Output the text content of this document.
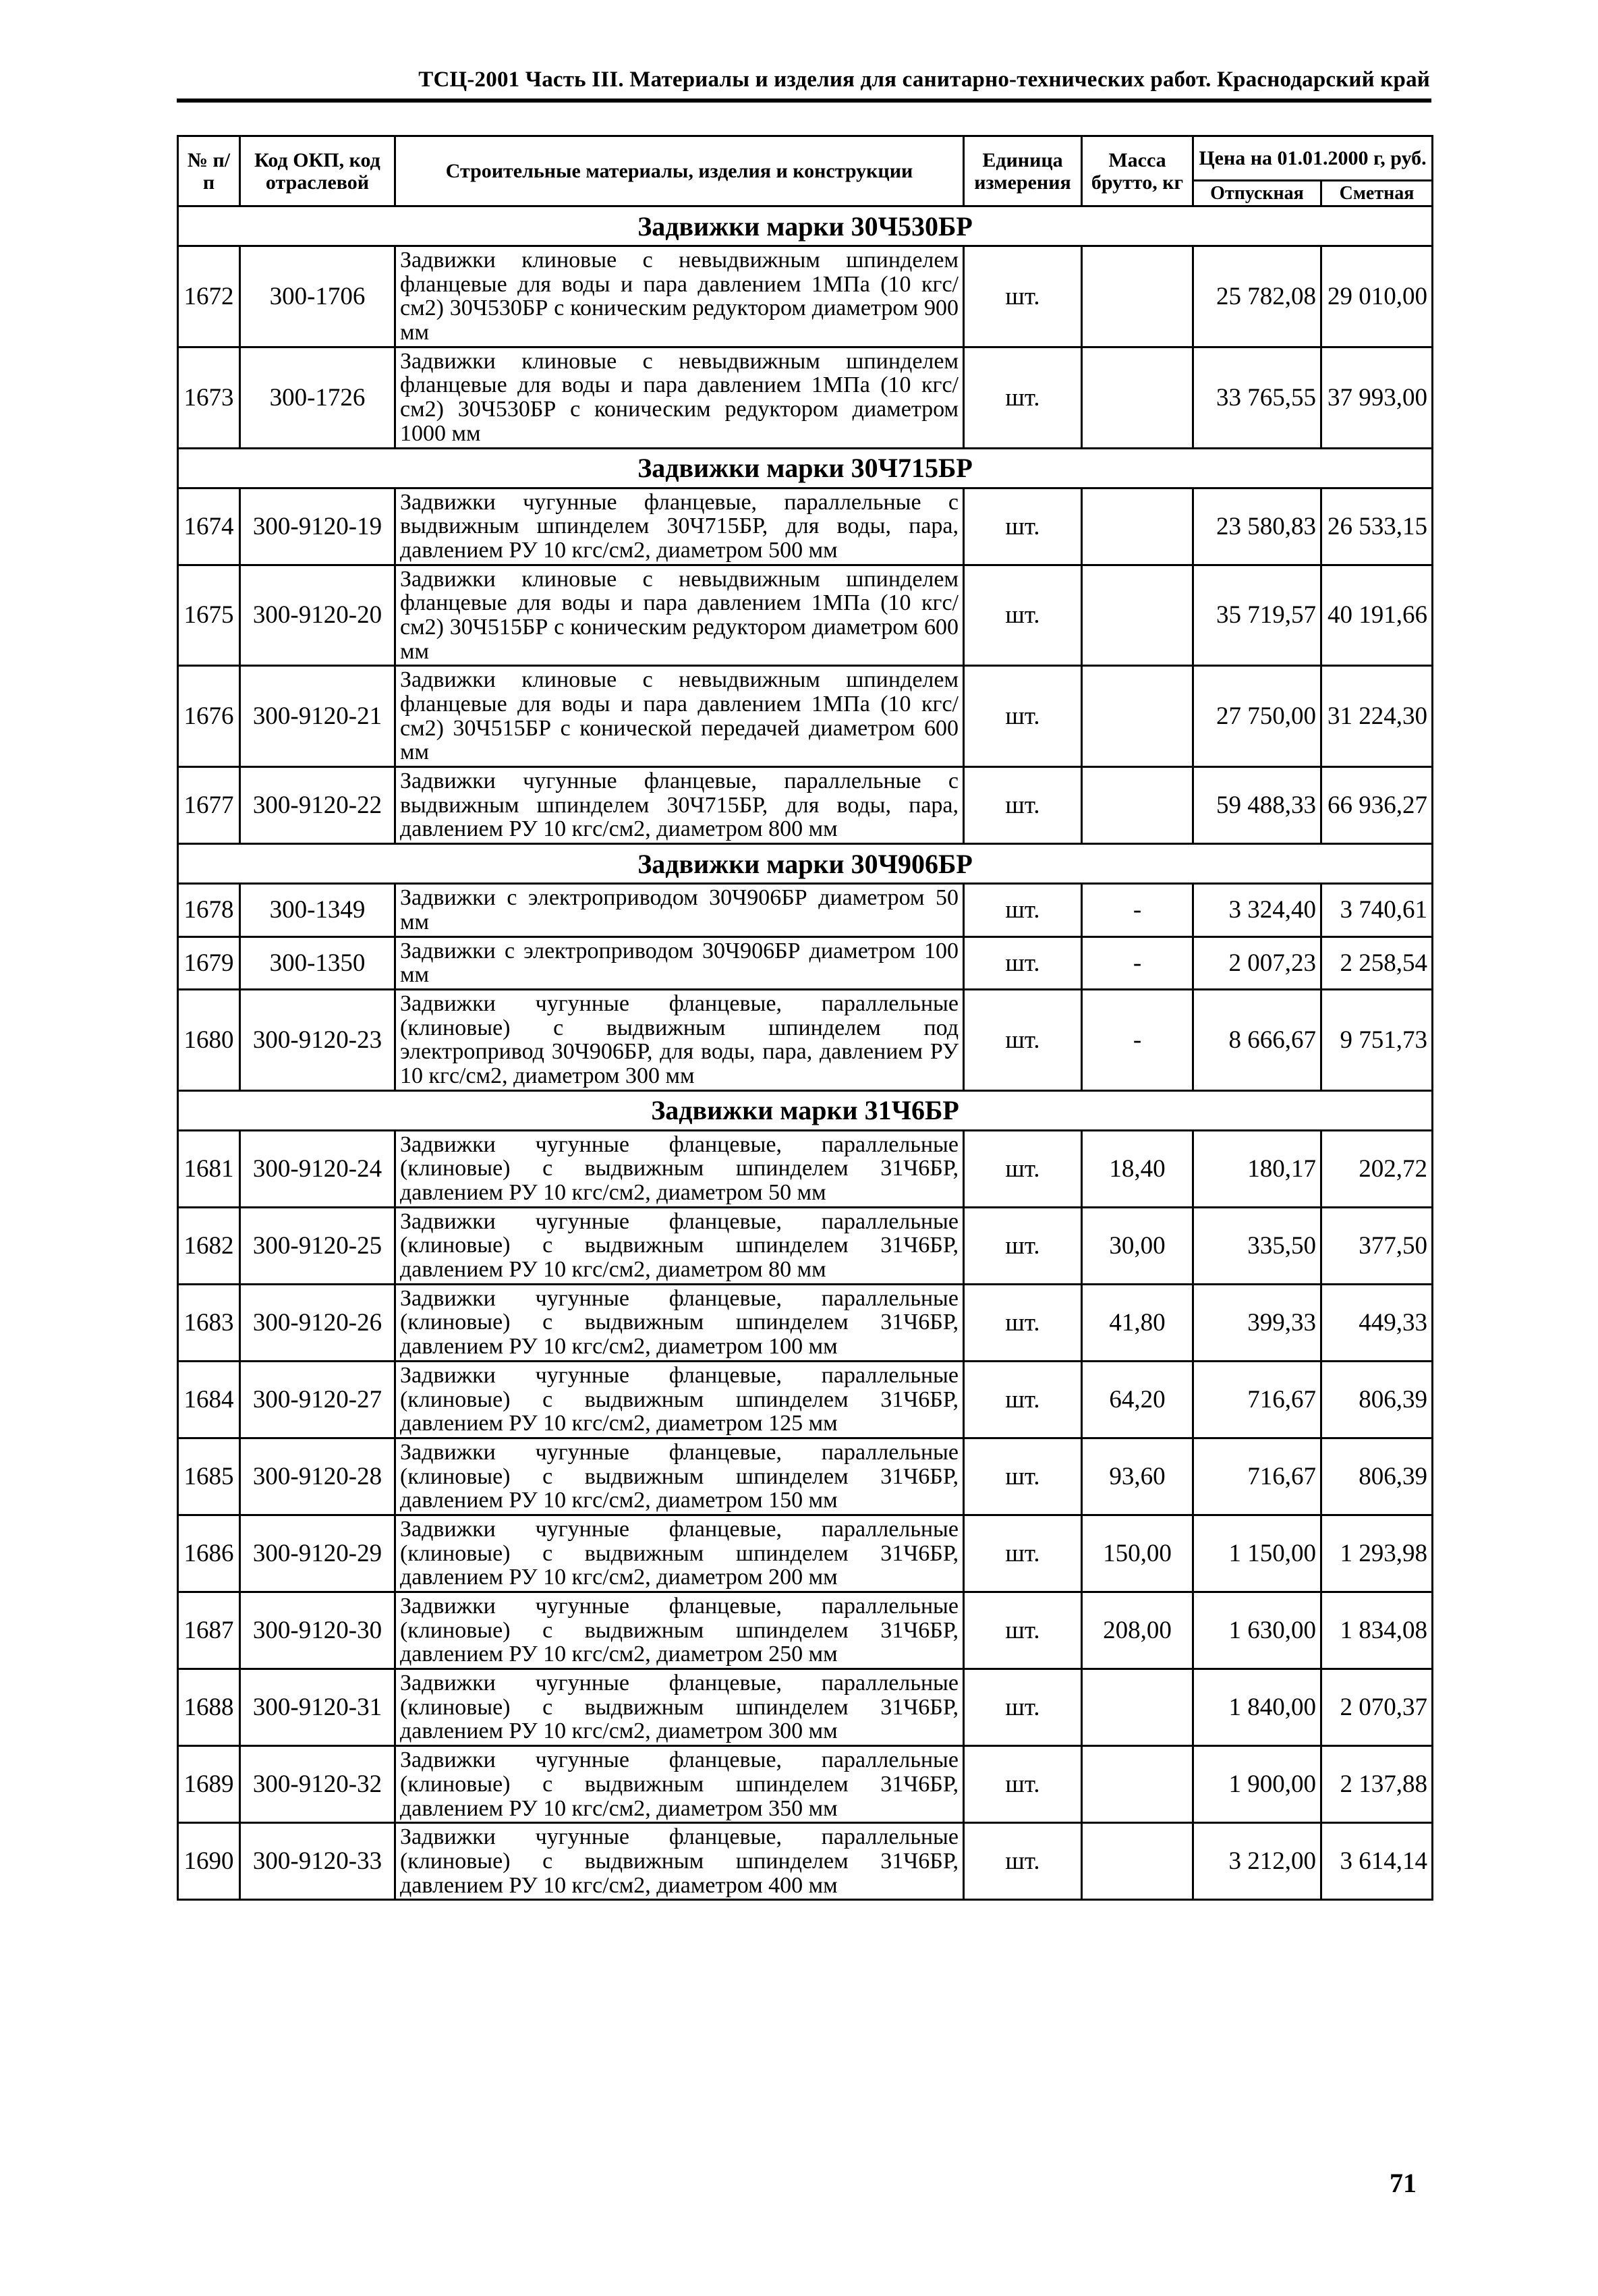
ТСЦ-2001 Часть III. Материалы и изделия для санитарно-технических работ. Краснодарский край
№ п/п	Код ОКП, код отраслевой	Строительные материалы, изделия и конструкции	Единица измерения	Масса брутто, кг	Цена на 01.01.2000 г, руб.	
					Отпускная	Сметная
Задвижки марки 30Ч530БР						
1672	300-1706	Задвижки клиновые с невыдвижным шпинделем фланцевые для воды и пара давлением 1МПа (10 кгс/см2) 30Ч530БР с коническим редуктором диаметром 900 мм	шт.		25 782,08	29 010,00
1673	300-1726	Задвижки клиновые с невыдвижным шпинделем фланцевые для воды и пара давлением 1МПа (10 кгс/см2) 30Ч530БР с коническим редуктором диаметром 1000 мм	шт.		33 765,55	37 993,00
Задвижки марки 30Ч715БР						
1674	300-9120-19	Задвижки чугунные фланцевые, параллельные с выдвижным шпинделем 30Ч715БР, для воды, пара, давлением РУ 10 кгс/см2, диаметром 500 мм	шт.		23 580,83	26 533,15
1675	300-9120-20	Задвижки клиновые с невыдвижным шпинделем фланцевые для воды и пара давлением 1МПа (10 кгс/см2) 30Ч515БР с коническим редуктором диаметром 600 мм	шт.		35 719,57	40 191,66
1676	300-9120-21	Задвижки клиновые с невыдвижным шпинделем фланцевые для воды и пара давлением 1МПа (10 кгс/см2) 30Ч515БР с конической передачей диаметром 600 мм	шт.		27 750,00	31 224,30
1677	300-9120-22	Задвижки чугунные фланцевые, параллельные с выдвижным шпинделем 30Ч715БР, для воды, пара, давлением РУ 10 кгс/см2, диаметром 800 мм	шт.		59 488,33	66 936,27
Задвижки марки 30Ч906БР						
1678	300-1349	Задвижки с электроприводом 30Ч906БР диаметром 50 мм	шт.	-	3 324,40	3 740,61
1679	300-1350	Задвижки с электроприводом 30Ч906БР диаметром 100 мм	шт.	-	2 007,23	2 258,54
1680	300-9120-23	Задвижки чугунные фланцевые, параллельные (клиновые) с выдвижным шпинделем под электропривод 30Ч906БР, для воды, пара, давлением РУ 10 кгс/см2, диаметром 300 мм	шт.	-	8 666,67	9 751,73
Задвижки марки 31Ч6БР						
1681	300-9120-24	Задвижки чугунные фланцевые, параллельные (клиновые) с выдвижным шпинделем 31Ч6БР, давлением РУ 10 кгс/см2, диаметром 50 мм	шт.	18,40	180,17	202,72
1682	300-9120-25	Задвижки чугунные фланцевые, параллельные (клиновые) с выдвижным шпинделем 31Ч6БР, давлением РУ 10 кгс/см2, диаметром 80 мм	шт.	30,00	335,50	377,50
1683	300-9120-26	Задвижки чугунные фланцевые, параллельные (клиновые) с выдвижным шпинделем 31Ч6БР, давлением РУ 10 кгс/см2, диаметром 100 мм	шт.	41,80	399,33	449,33
1684	300-9120-27	Задвижки чугунные фланцевые, параллельные (клиновые) с выдвижным шпинделем 31Ч6БР, давлением РУ 10 кгс/см2, диаметром 125 мм	шт.	64,20	716,67	806,39
1685	300-9120-28	Задвижки чугунные фланцевые, параллельные (клиновые) с выдвижным шпинделем 31Ч6БР, давлением РУ 10 кгс/см2, диаметром 150 мм	шт.	93,60	716,67	806,39
1686	300-9120-29	Задвижки чугунные фланцевые, параллельные (клиновые) с выдвижным шпинделем 31Ч6БР, давлением РУ 10 кгс/см2, диаметром 200 мм	шт.	150,00	1 150,00	1 293,98
1687	300-9120-30	Задвижки чугунные фланцевые, параллельные (клиновые) с выдвижным шпинделем 31Ч6БР, давлением РУ 10 кгс/см2, диаметром 250 мм	шт.	208,00	1 630,00	1 834,08
1688	300-9120-31	Задвижки чугунные фланцевые, параллельные (клиновые) с выдвижным шпинделем 31Ч6БР, давлением РУ 10 кгс/см2, диаметром 300 мм	шт.		1 840,00	2 070,37
1689	300-9120-32	Задвижки чугунные фланцевые, параллельные (клиновые) с выдвижным шпинделем 31Ч6БР, давлением РУ 10 кгс/см2, диаметром 350 мм	шт.		1 900,00	2 137,88
1690	300-9120-33	Задвижки чугунные фланцевые, параллельные (клиновые) с выдвижным шпинделем 31Ч6БР, давлением РУ 10 кгс/см2, диаметром 400 мм	шт.		3 212,00	3 614,14
71
